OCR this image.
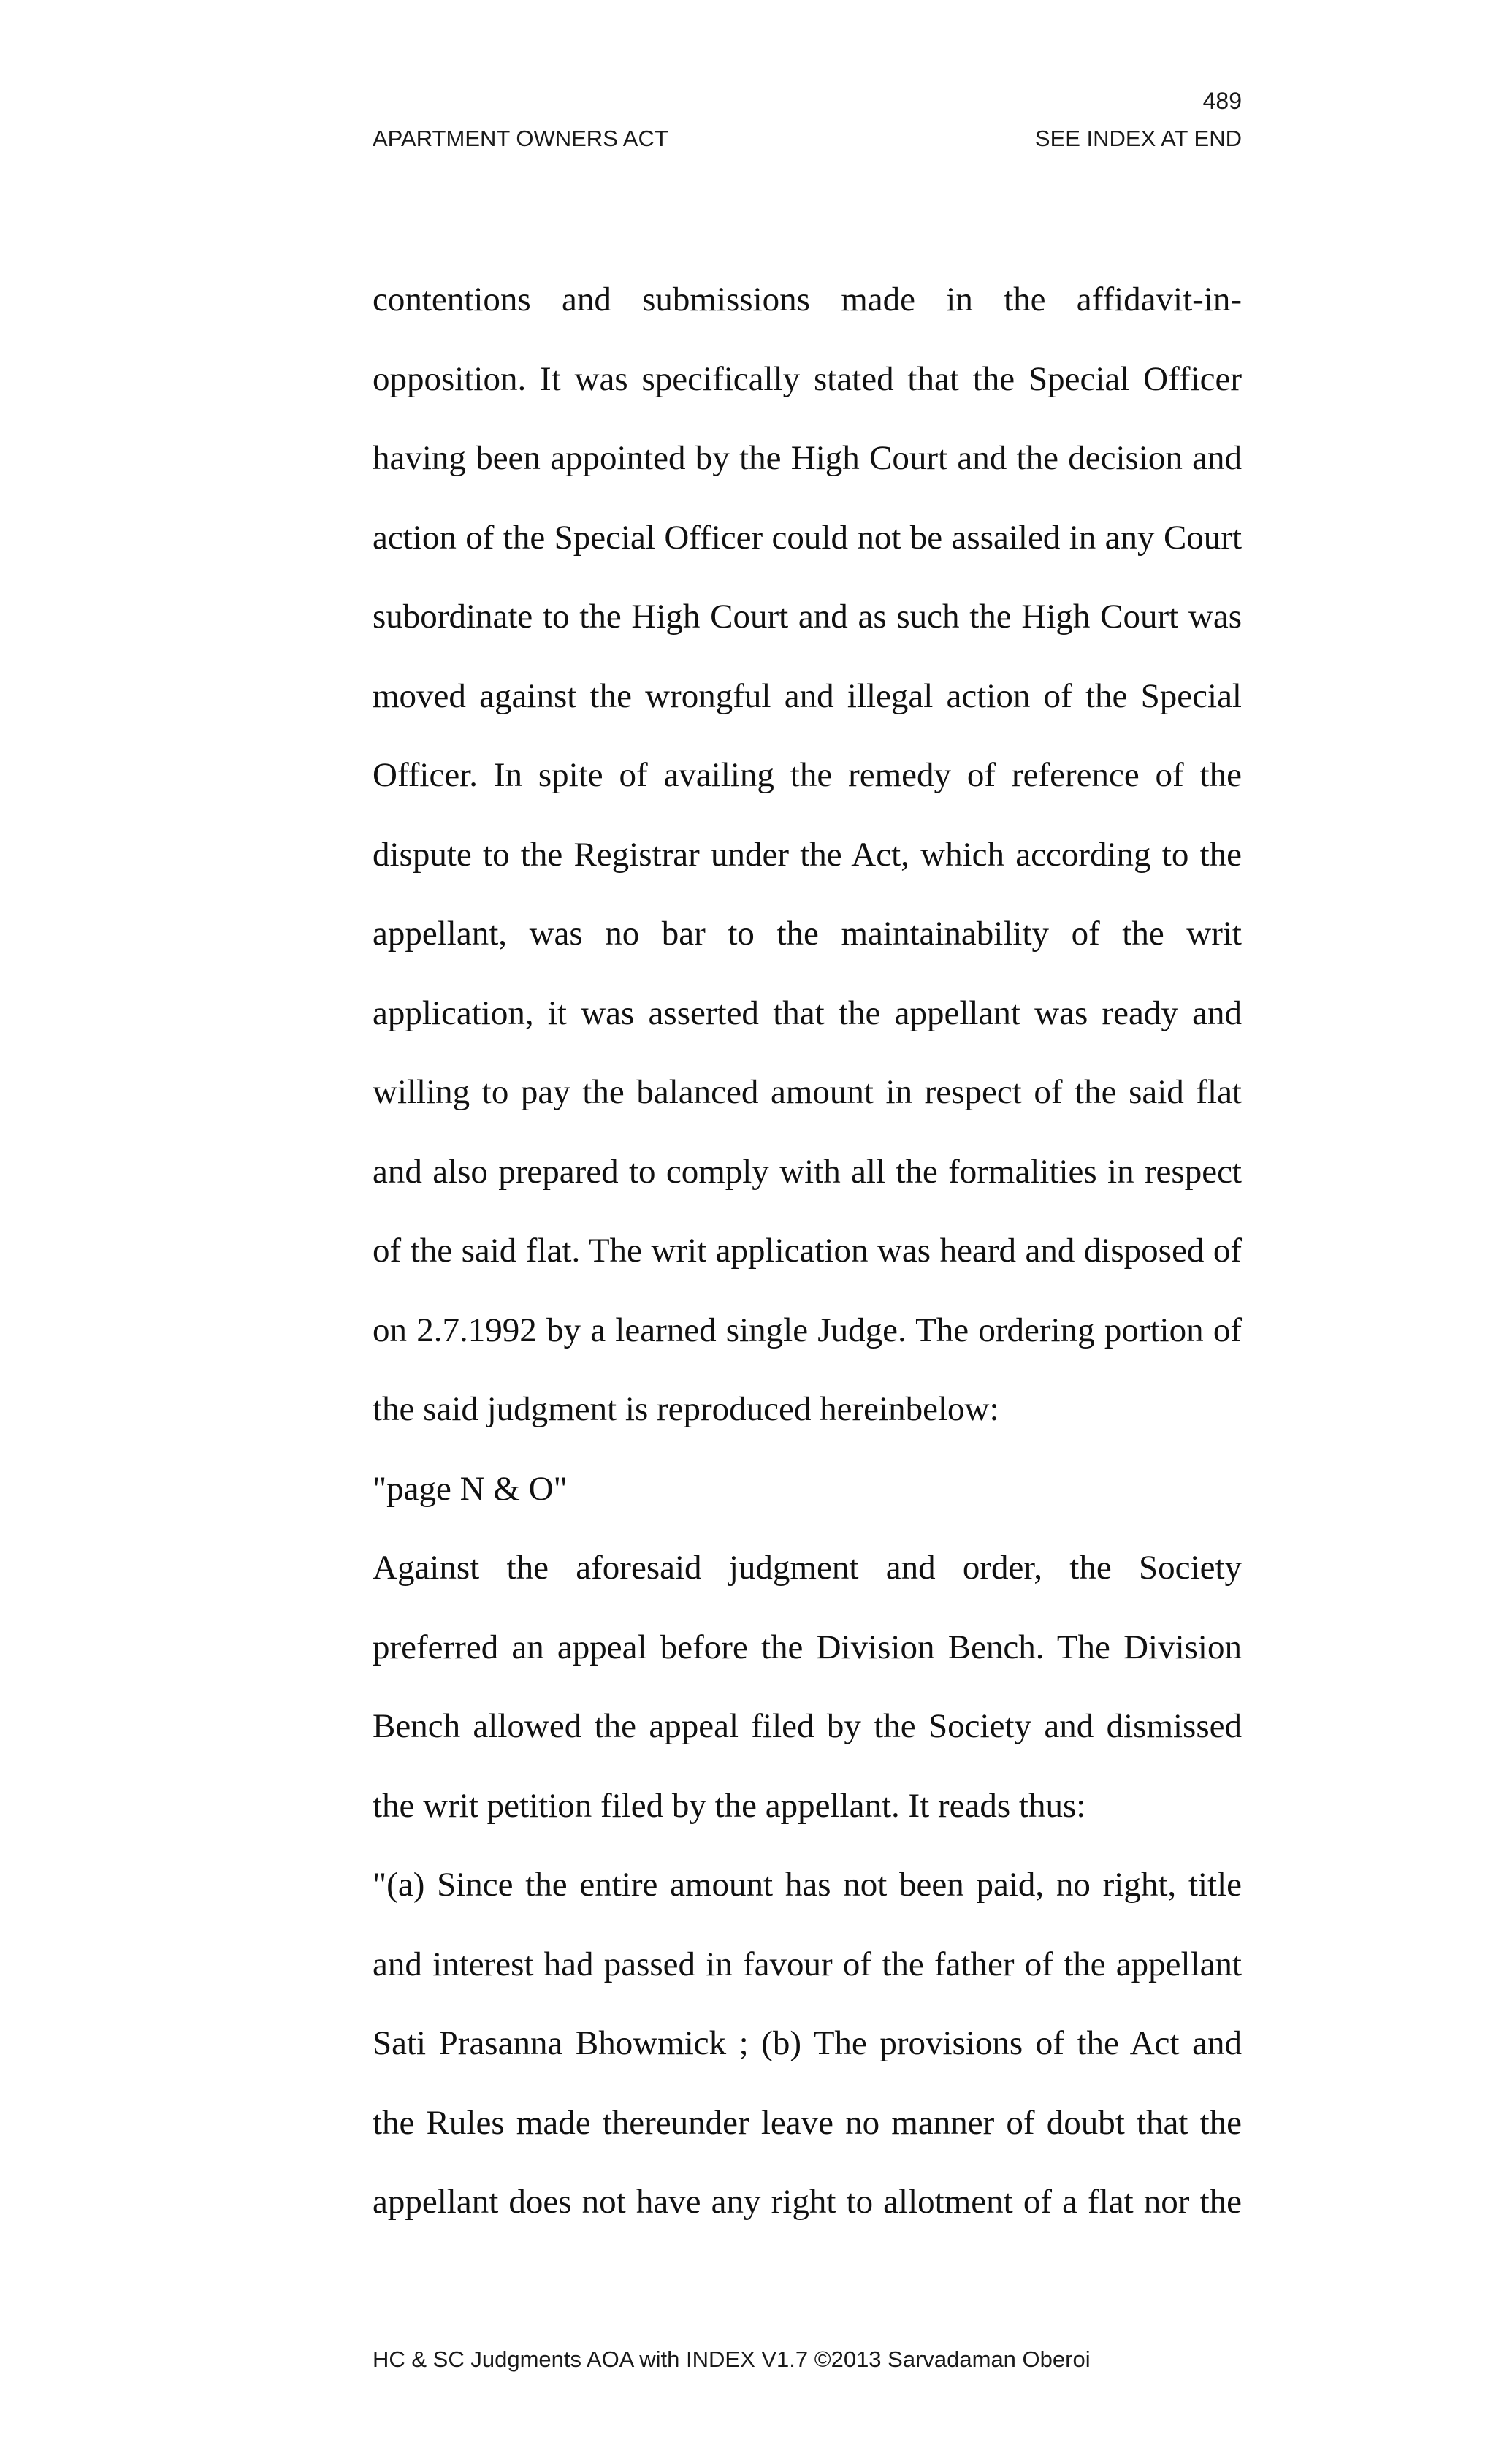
489
APARTMENT OWNERS ACT	SEE INDEX AT END

contentions and submissions made in the affidavit-in-

opposition. It was specifically stated that the Special Officer

having been appointed by the High Court and the decision and

action of the Special Officer could not be assailed in any Court

subordinate to the High Court and as such the High Court was

moved against the wrongful and illegal action of the Special

Officer. In spite of availing the remedy of reference of the

dispute to the Registrar under the Act, which according to the

appellant, was no bar to the maintainability of the writ

application, it was asserted that the appellant was ready and

willing to pay the balanced amount in respect of the said flat

and also prepared to comply with all the formalities in respect

of the said flat. The writ application was heard and disposed of

on 2.7.1992 by a learned single Judge. The ordering portion of

the said judgment is reproduced hereinbelow:

"page N & O"

Against the aforesaid judgment and order, the Society

preferred an appeal before the Division Bench. The Division

Bench allowed the appeal filed by the Society and dismissed

the writ petition filed by the appellant. It reads thus:

"(a) Since the entire amount has not been paid, no right, title

and interest had passed in favour of the father of the appellant

Sati Prasanna Bhowmick ; (b) The provisions of the Act and

the Rules made thereunder leave no manner of doubt that the

appellant does not have any right to allotment of a flat nor the

HC & SC Judgments AOA with INDEX V1.7 ©2013 Sarvadaman Oberoi
